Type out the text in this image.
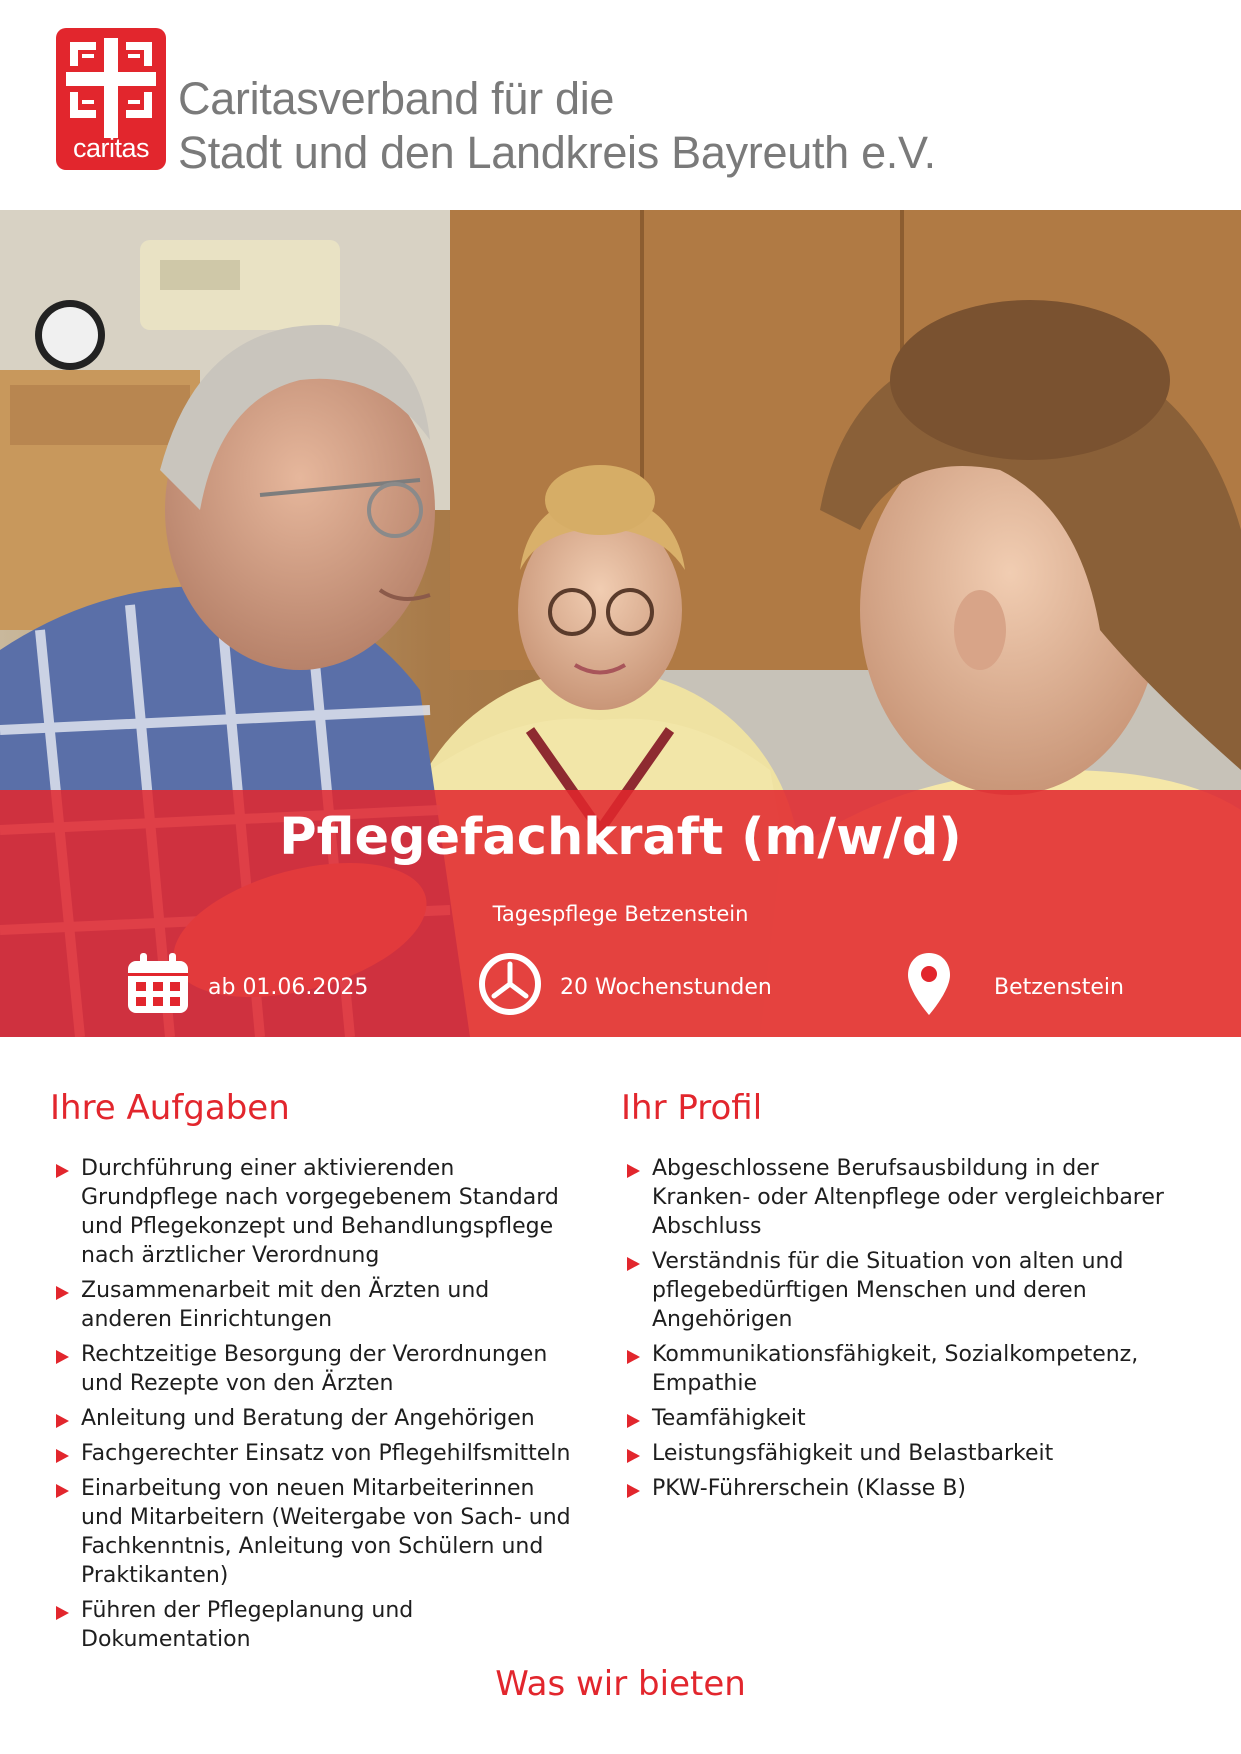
caritas
Caritasverband für die
Stadt und den Landkreis Bayreuth e.V.
Pflegefachkraft (m/w/d)
Tagespflege Betzenstein
ab 01.06.2025	20 Wochenstunden	Betzenstein
Ihre Aufgaben
Durchführung einer aktivierenden Grundpflege nach vorgegebenem Standard und Pflegekonzept und Behandlungspflege nach ärztlicher Verordnung
Zusammenarbeit mit den Ärzten und anderen Einrichtungen
Rechtzeitige Besorgung der Verordnungen und Rezepte von den Ärzten
Anleitung und Beratung der Angehörigen
Fachgerechter Einsatz von Pflegehilfsmitteln
Einarbeitung von neuen Mitarbeiterinnen und Mitarbeitern (Weitergabe von Sach- und Fachkenntnis, Anleitung von Schülern und Praktikanten)
Führen der Pflegeplanung und Dokumentation
Ihr Profil
Abgeschlossene Berufsausbildung in der Kranken- oder Altenpflege oder vergleichbarer Abschluss
Verständnis für die Situation von alten und pflegebedürftigen Menschen und deren Angehörigen
Kommunikationsfähigkeit, Sozialkompetenz, Empathie
Teamfähigkeit
Leistungsfähigkeit und Belastbarkeit
PKW-Führerschein (Klasse B)
Was wir bieten
